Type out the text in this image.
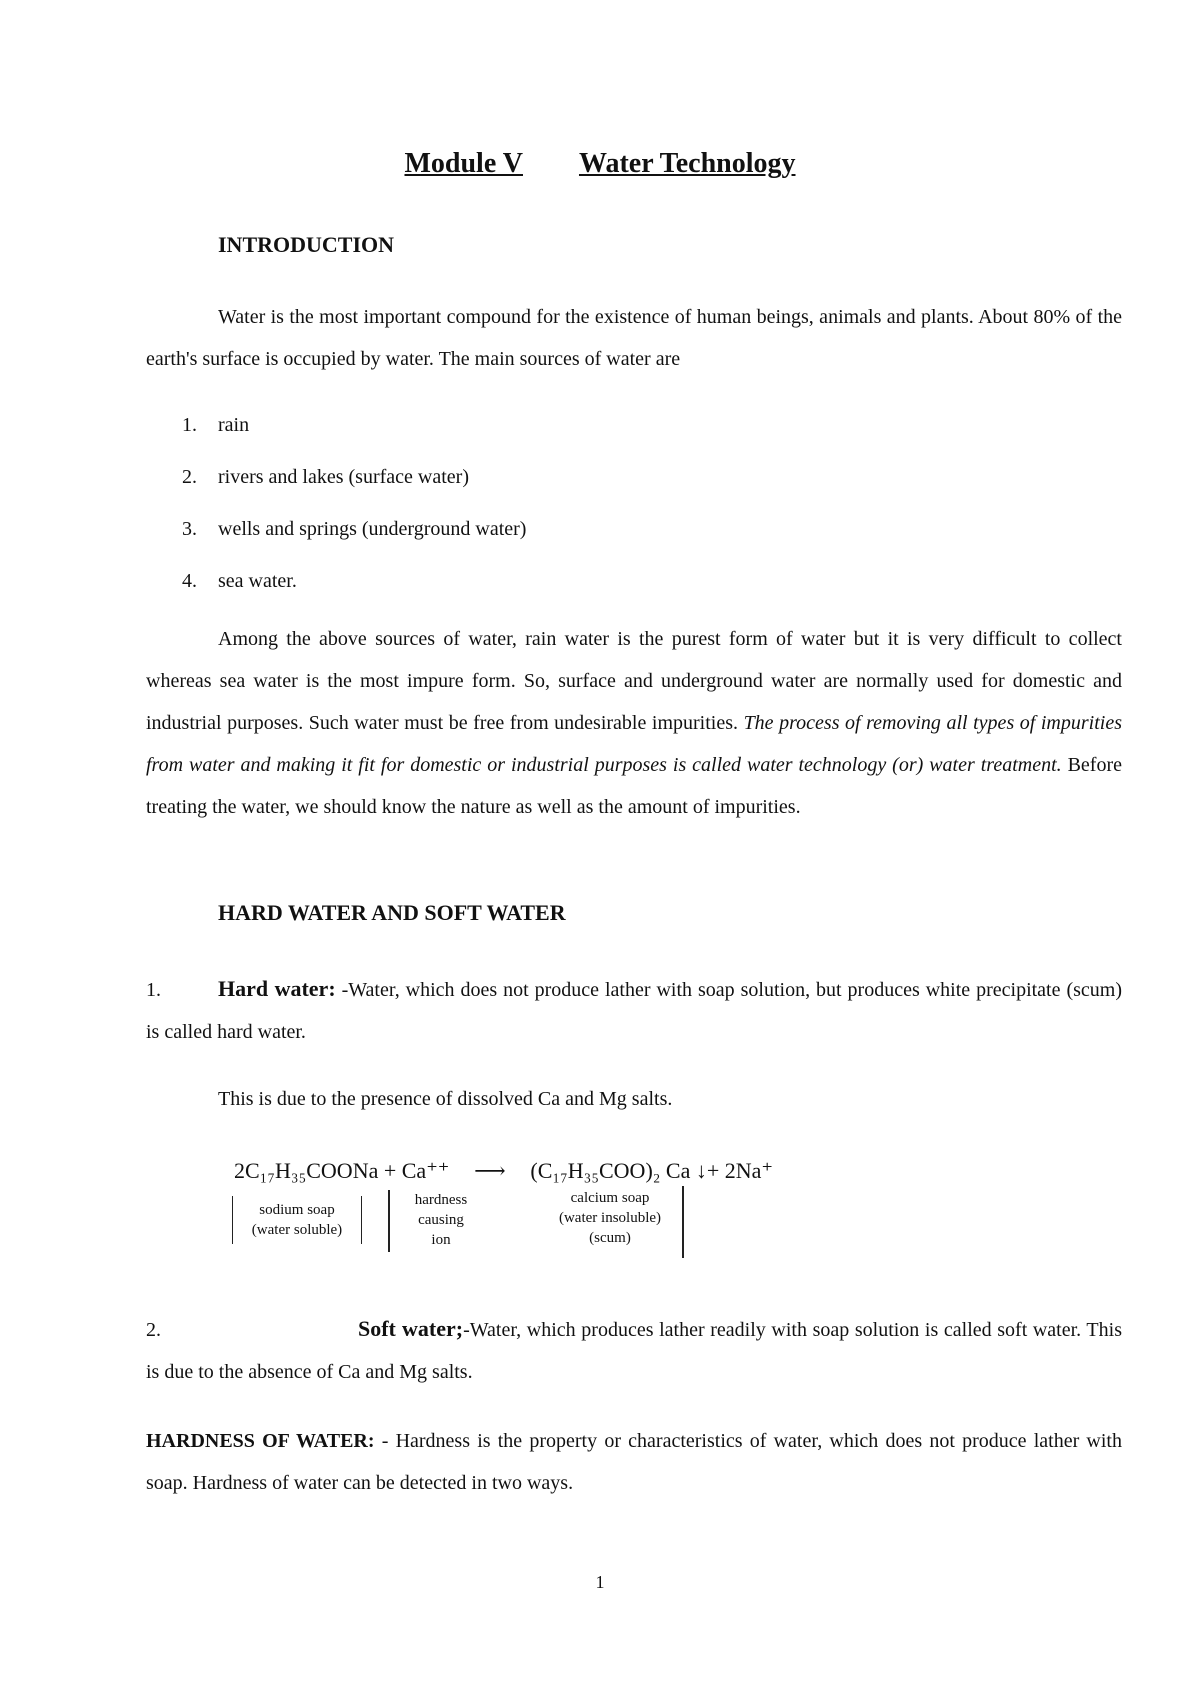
Module V Water Technology
INTRODUCTION
Water is the most important compound for the existence of human beings, animals and plants. About 80% of the earth's surface is occupied by water. The main sources of water are
1. rain
2. rivers and lakes (surface water)
3. wells and springs (underground water)
4. sea water.
Among the above sources of water, rain water is the purest form of water but it is very difficult to collect whereas sea water is the most impure form. So, surface and underground water are normally used for domestic and industrial purposes. Such water must be free from undesirable impurities. The process of removing all types of impurities from water and making it fit for domestic or industrial purposes is called water technology (or) water treatment. Before treating the water, we should know the nature as well as the amount of impurities.
HARD WATER AND SOFT WATER
1.	Hard water: -Water, which does not produce lather with soap solution, but produces white precipitate (scum) is called hard water.
This is due to the presence of dissolved Ca and Mg salts.
2C₁₇H₃₅COONa + Ca⁺⁺ ⟶ (C₁₇H₃₅COO)₂ Ca ↓+ 2Na⁺
sodium soap
(water soluble)
hardness
causing
ion
calcium soap
(water insoluble)
(scum)
2.	Soft water;-Water, which produces lather readily with soap solution is called soft water. This is due to the absence of Ca and Mg salts.
HARDNESS OF WATER: - Hardness is the property or characteristics of water, which does not produce lather with soap. Hardness of water can be detected in two ways.
1
